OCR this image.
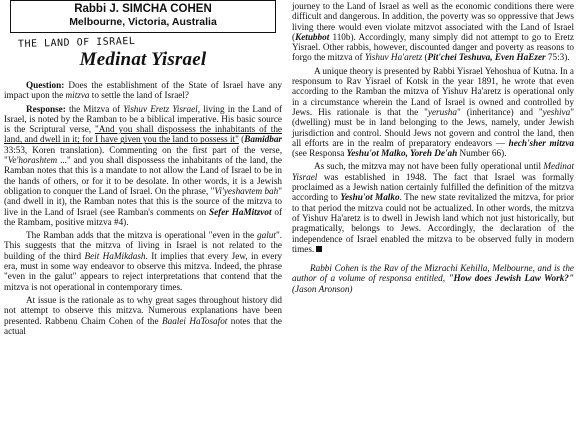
Rabbi J. SIMCHA COHEN
Melbourne, Victoria, Australia
THE LAND OF ISRAEL
Medinat Yisrael

Question: Does the establishment of the State of Israel have any impact upon the mitzva to settle the land of Israel?

Response: the Mitzva of Yishuv Eretz Yisrael, living in the Land of Israel, is noted by the Ramban to be a biblical imperative. His basic source is the Scriptural verse, "And you shall dispossess the inhabitants of the land, and dwell in it; for I have given you the land to possess it" (Bamidbar 33:53, Koren translation). Commenting on the first part of the verse, "Ve'horashtem ..." and you shall dispossess the inhabitants of the land, the Ramban notes that this is a mandate to not allow the Land of Israel to be in the hands of others, or for it to be desolate. In other words, it is a Jewish obligation to conquer the Land of Israel. On the phrase, "Vi'yeshavtem bah" (and dwell in it), the Ramban notes that this is the source of the mitzva to live in the Land of Israel (see Ramban's comments on Sefer HaMitzvot of the Rambam, positive mitzva #4).

The Ramban adds that the mitzva is operational "even in the galut". This suggests that the mitzva of living in Israel is not related to the building of the third Beit HaMikdash. It implies that every Jew, in every era, must in some way endeavor to observe this mitzva. Indeed, the phrase "even in the galut" appears to reject interpretations that contend that the mitzva is not operational in contemporary times.

At issue is the rationale as to why great sages throughout history did not attempt to observe this mitzva. Numerous explanations have been presented. Rabbenu Chaim Cohen of the Baalei HaTosafot notes that the actual

journey to the Land of Israel as well as the economic conditions there were difficult and dangerous. In addition, the poverty was so oppressive that Jews living there would even violate mitzvot associated with the Land of Israel (Ketubbot 110b). Accordingly, many simply did not attempt to go to Eretz Yisrael. Other rabbis, however, discounted danger and poverty as reasons to forgo the mitzva of Yishuv Ha'aretz (Pit'chei Teshuva, Even HaEzer 75:3).

A unique theory is presented by Rabbi Yisrael Yehoshua of Kutna. In a responsum to Rav Yisrael of Kotsk in the year 1891, he wrote that even according to the Ramban the mitzva of Yishuv Ha'aretz is operational only in a circumstance wherein the Land of Israel is owned and controlled by Jews. His rationale is that the "yerusha" (inheritance) and "yeshiva" (dwelling) must be in land belonging to the Jews, namely, under Jewish jurisdiction and control. Should Jews not govern and control the land, then all efforts are in the realm of preparatory endeavors — hech'sher mitzva (see Responsa Yeshu'ot Malko, Yoreh De'ah Number 66).

As such, the mitzva may not have been fully operational until Medinat Yisrael was established in 1948. The fact that Israel was formally proclaimed as a Jewish nation certainly fulfilled the definition of the mitzva according to Yeshu'ot Malko. The new state revitalized the mitzva, for prior to that period the mitzva could not be actualized. In other words, the mitzva of Yishuv Ha'aretz is to dwell in Jewish land which not just historically, but pragmatically, belongs to Jews. Accordingly, the declaration of the independence of Israel enabled the mitzva to be observed fully in modern times.

Rabbi Cohen is the Rav of the Mizrachi Kehilla, Melbourne, and is the author of a volume of responsa entitled, "How does Jewish Law Work?" (Jason Aronson)
